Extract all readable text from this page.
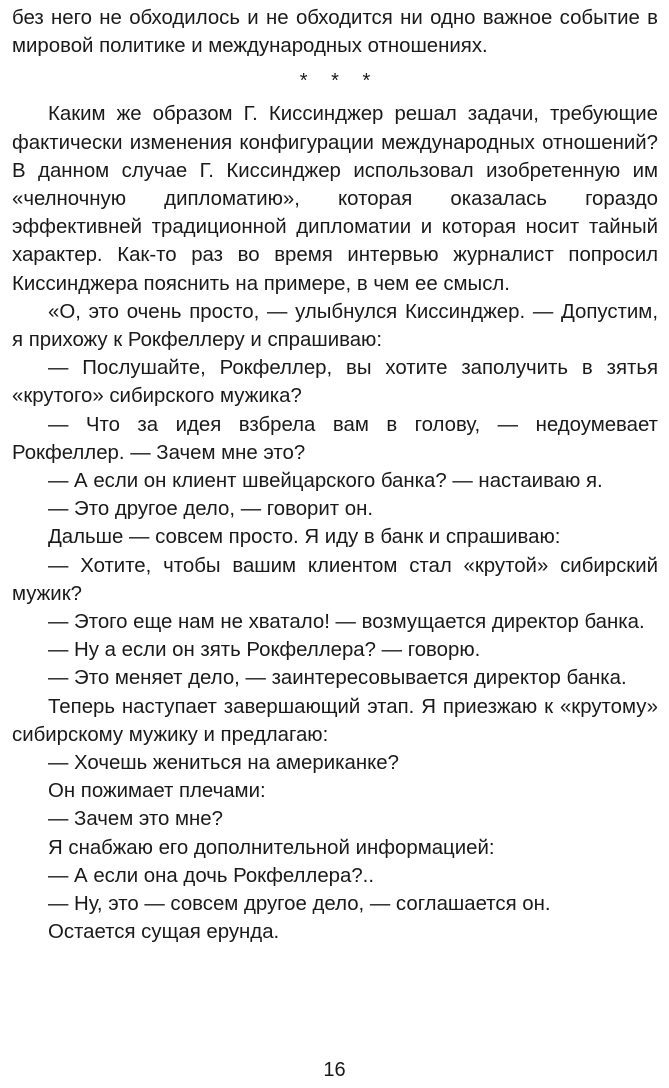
без него не обходилось и не обходится ни одно важное событие в мировой политике и международных отношениях.

* * *

Каким же образом Г. Киссинджер решал задачи, требующие фактически изменения конфигурации международных отношений? В данном случае Г. Киссинджер использовал изобретенную им «челночную дипломатию», которая оказалась гораздо эффективней традиционной дипломатии и которая носит тайный характер. Как-то раз во время интервью журналист попросил Киссинджера пояснить на примере, в чем ее смысл.

«О, это очень просто, — улыбнулся Киссинджер. — Допустим, я прихожу к Рокфеллеру и спрашиваю:

— Послушайте, Рокфеллер, вы хотите заполучить в зятья «крутого» сибирского мужика?

— Что за идея взбрела вам в голову, — недоумевает Рокфеллер. — Зачем мне это?

— А если он клиент швейцарского банка? — настаиваю я.

— Это другое дело, — говорит он.

Дальше — совсем просто. Я иду в банк и спрашиваю:

— Хотите, чтобы вашим клиентом стал «крутой» сибирский мужик?

— Этого еще нам не хватало! — возмущается директор банка.

— Ну а если он зять Рокфеллера? — говорю.

— Это меняет дело, — заинтересовывается директор банка.

Теперь наступает завершающий этап. Я приезжаю к «крутому» сибирскому мужику и предлагаю:

— Хочешь жениться на американке?

Он пожимает плечами:

— Зачем это мне?

Я снабжаю его дополнительной информацией:

— А если она дочь Рокфеллера?..

— Ну, это — совсем другое дело, — соглашается он.

Остается сущая ерунда.

16
